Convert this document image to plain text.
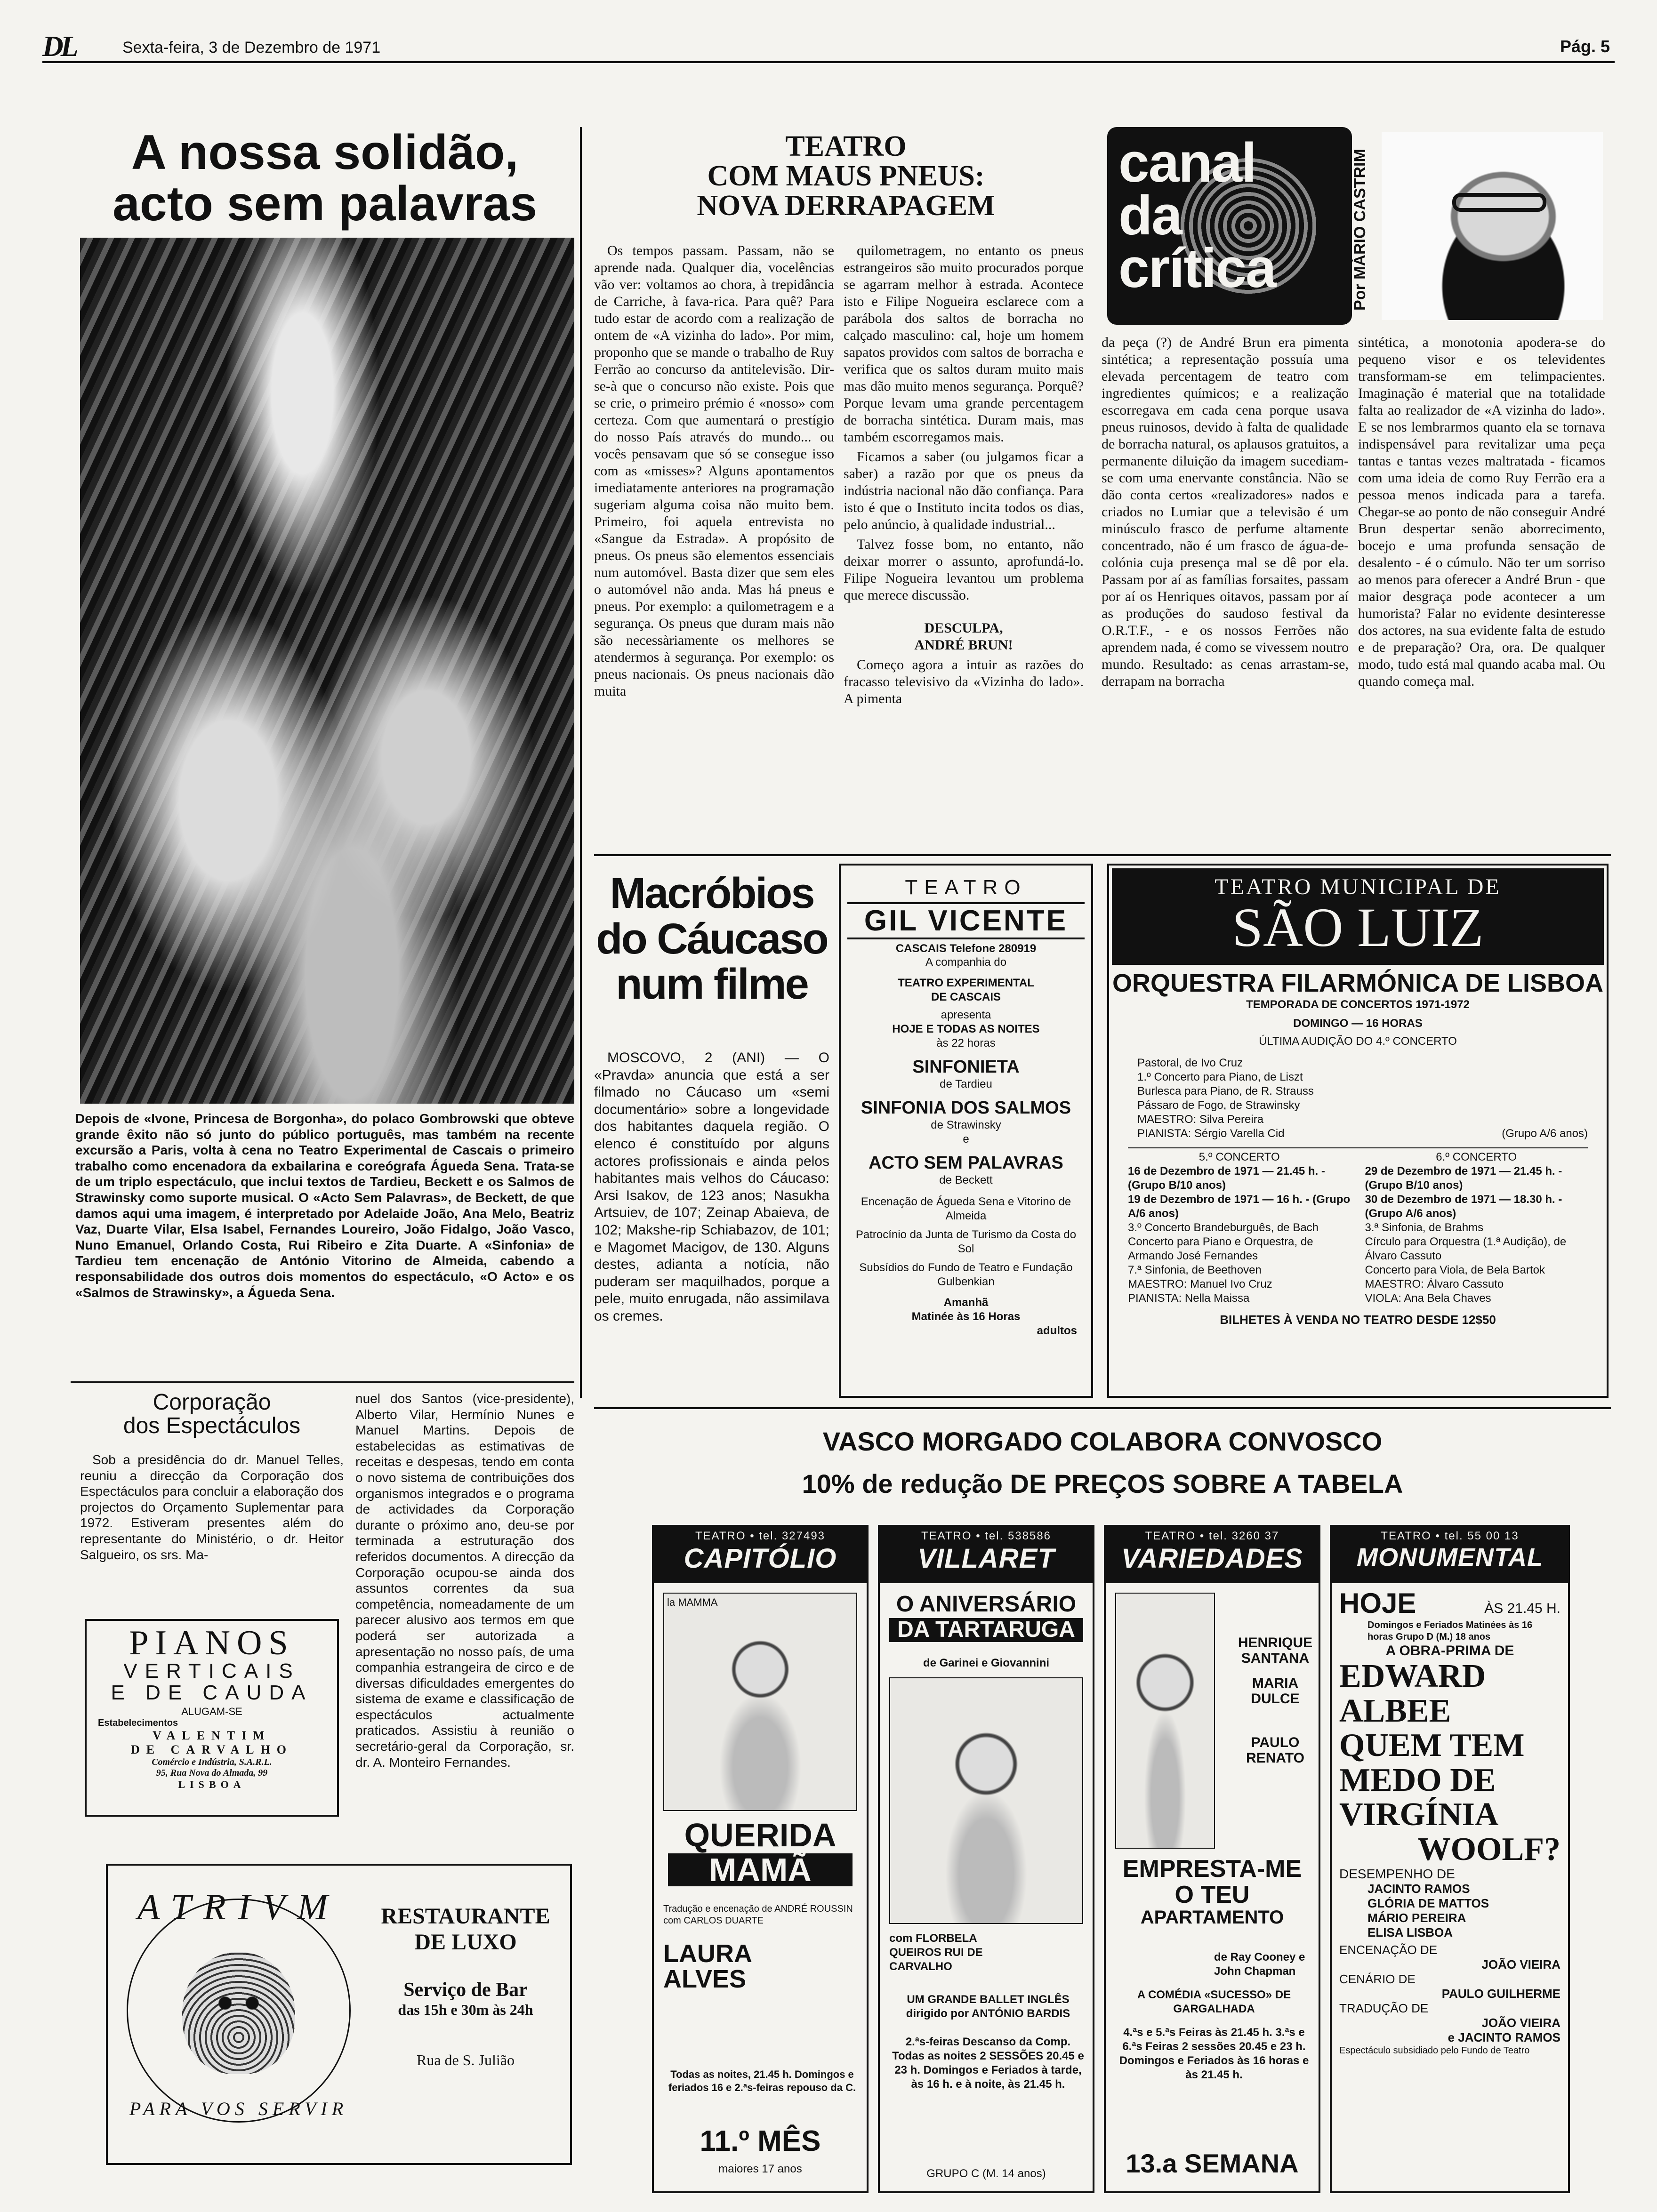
DL	Sexta-feira, 3 de Dezembro de 1971	Pág. 5
A nossa solidão,
acto sem palavras
Depois de «Ivone, Princesa de Borgonha», do polaco Gombrowski que obteve grande êxito não só junto do público português, mas também na recente excursão a Paris, volta à cena no Teatro Experimental de Cascais o primeiro trabalho como encenadora da exbailarina e coreógrafa Águeda Sena. Trata-se de um triplo espectáculo, que inclui textos de Tardieu, Beckett e os Salmos de Strawinsky como suporte musical. O «Acto Sem Palavras», de Beckett, de que damos aqui uma imagem, é interpretado por Adelaide João, Ana Melo, Beatriz Vaz, Duarte Vilar, Elsa Isabel, Fernandes Loureiro, João Fidalgo, João Vasco, Nuno Emanuel, Orlando Costa, Rui Ribeiro e Zita Duarte. A «Sinfonia» de Tardieu tem encenação de António Vitorino de Almeida, cabendo a responsabilidade dos outros dois momentos do espectáculo, «O Acto» e os «Salmos de Strawinsky», a Águeda Sena.
TEATRO
COM MAUS PNEUS:
NOVA DERRAPAGEM

Os tempos passam. Passam, não se aprende nada. Qualquer dia, vocelências vão ver: voltamos ao chora, à trepidância de Carriche, à fava-rica. Para quê? Para tudo estar de acordo com a realização de ontem de «A vizinha do lado». Por mim, proponho que se mande o trabalho de Ruy Ferrão ao concurso da antitelevisão. Dir-se-à que o concurso não existe. Pois que se crie, o primeiro prémio é «nosso» com certeza. Com que aumentará o prestígio do nosso País através do mundo... ou vocês pensavam que só se consegue isso com as «misses»? Alguns apontamentos imediatamente anteriores na programação sugeriam alguma coisa não muito bem. Primeiro, foi aquela entrevista no «Sangue da Estrada». A propósito de pneus. Os pneus são elementos essenciais num automóvel. Basta dizer que sem eles o automóvel não anda. Mas há pneus e pneus. Por exemplo: a quilometragem e a segurança. Os pneus que duram mais não são necessàriamente os melhores se atendermos à segurança. Por exemplo: os pneus nacionais. Os pneus nacionais dão muita

quilometragem, no entanto os pneus estrangeiros são muito procurados porque se agarram melhor à estrada. Acontece isto e Filipe Nogueira esclarece com a parábola dos saltos de borracha no calçado masculino: cal, hoje um homem sapatos providos com saltos de borracha e verifica que os saltos duram muito mais mas dão muito menos segurança. Porquê? Porque levam uma grande percentagem de borracha sintética. Duram mais, mas também escorregamos mais.

Ficamos a saber (ou julgamos ficar a saber) a razão por que os pneus da indústria nacional não dão confiança. Para isto é que o Instituto incita todos os dias, pelo anúncio, à qualidade industrial...

Talvez fosse bom, no entanto, não deixar morrer o assunto, aprofundá-lo. Filipe Nogueira levantou um problema que merece discussão.

DESCULPA,
ANDRÉ BRUN!

Começo agora a intuir as razões do fracasso televisivo da «Vizinha do lado». A pimenta

canal
da
crítica	Por MÁRIO CASTRIM

da peça (?) de André Brun era pimenta sintética; a representação possuía uma elevada percentagem de teatro com ingredientes químicos; e a realização escorregava em cada cena porque usava pneus ruinosos, devido à falta de qualidade de borracha natural, os aplausos gratuitos, a permanente diluição da imagem sucediam-se com uma enervante constância. Não se dão conta certos «realizadores» nados e criados no Lumiar que a televisão é um minúsculo frasco de perfume altamente concentrado, não é um frasco de água-de-colónia cuja presença mal se dê por ela. Passam por aí as famílias forsaites, passam por aí os Henriques oitavos, passam por aí as produções do saudoso festival da O.R.T.F., - e os nossos Ferrões não aprendem nada, é como se vivessem noutro mundo. Resultado: as cenas arrastam-se, derrapam na borracha

sintética, a monotonia apodera-se do pequeno visor e os televidentes transformam-se em telimpacientes. Imaginação é material que na totalidade falta ao realizador de «A vizinha do lado». E se nos lembrarmos quanto ela se tornava indispensável para revitalizar uma peça tantas e tantas vezes maltratada - ficamos com uma ideia de como Ruy Ferrão era a pessoa menos indicada para a tarefa. Chegar-se ao ponto de não conseguir André Brun despertar senão aborrecimento, bocejo e uma profunda sensação de desalento - é o cúmulo. Não ter um sorriso ao menos para oferecer a André Brun - que maior desgraça pode acontecer a um humorista? Falar no evidente desinteresse dos actores, na sua evidente falta de estudo e de preparação? Ora, ora. De qualquer modo, tudo está mal quando acaba mal. Ou quando começa mal.

Macróbios
do Cáucaso
num filme

MOSCOVO, 2 (ANI) — O «Pravda» anuncia que está a ser filmado no Cáucaso um «semi documentário» sobre a longevidade dos habitantes daquela região. O elenco é constituído por alguns actores profissionais e ainda pelos habitantes mais velhos do Cáucaso: Arsi Isakov, de 123 anos; Nasukha Artsuiev, de 107; Zeinap Abaieva, de 102; Makshe-rip Schiabazov, de 101; e Magomet Macigov, de 130. Alguns destes, adianta a notícia, não puderam ser maquilhados, porque a pele, muito enrugada, não assimilava os cremes.

TEATRO
GIL VICENTE
CASCAIS Telefone 280919
A companhia do
TEATRO EXPERIMENTAL
DE CASCAIS
apresenta
HOJE E TODAS AS NOITES
às 22 horas
SINFONIETA
de Tardieu
SINFONIA DOS SALMOS
de Strawinsky
e
ACTO SEM PALAVRAS
de Beckett
Encenação de Águeda Sena e Vitorino de Almeida
Patrocínio da Junta de Turismo da Costa do Sol
Subsídios do Fundo de Teatro e Fundação Gulbenkian
Amanhã
Matinée às 16 Horas
adultos
TEATRO MUNICIPAL DE
SÃO LUIZ
ORQUESTRA FILARMÓNICA DE LISBOA
TEMPORADA DE CONCERTOS 1971-1972
DOMINGO — 16 HORAS
ÚLTIMA AUDIÇÃO DO 4.º CONCERTO
Pastoral, de Ivo Cruz
1.º Concerto para Piano, de Liszt
Burlesca para Piano, de R. Strauss
Pássaro de Fogo, de Strawinsky
MAESTRO: Silva Pereira
PIANISTA: Sérgio Varella Cid	(Grupo A/6 anos)
5.º CONCERTO
16 de Dezembro de 1971 — 21.45 h. - (Grupo B/10 anos)
19 de Dezembro de 1971 — 16 h. - (Grupo A/6 anos)
3.º Concerto Brandeburguês, de Bach
Concerto para Piano e Orquestra, de Armando José Fernandes
7.ª Sinfonia, de Beethoven
MAESTRO: Manuel Ivo Cruz
PIANISTA: Nella Maissa
6.º CONCERTO
29 de Dezembro de 1971 — 21.45 h. - (Grupo B/10 anos)
30 de Dezembro de 1971 — 18.30 h. - (Grupo A/6 anos)
3.ª Sinfonia, de Brahms
Círculo para Orquestra (1.ª Audição), de Álvaro Cassuto
Concerto para Viola, de Bela Bartok
MAESTRO: Álvaro Cassuto
VIOLA: Ana Bela Chaves
BILHETES À VENDA NO TEATRO DESDE 12$50
Corporação
dos Espectáculos

Sob a presidência do dr. Manuel Telles, reuniu a direcção da Corporação dos Espectáculos para concluir a elaboração dos projectos do Orçamento Suplementar para 1972. Estiveram presentes além do representante do Ministério, o dr. Heitor Salgueiro, os srs. Ma-

nuel dos Santos (vice-presidente), Alberto Vilar, Hermínio Nunes e Manuel Martins. Depois de estabelecidas as estimativas de receitas e despesas, tendo em conta o novo sistema de contribuições dos organismos integrados e o programa de actividades da Corporação durante o próximo ano, deu-se por terminada a estruturação dos referidos documentos. A direcção da Corporação ocupou-se ainda dos assuntos correntes da sua competência, nomeadamente de um parecer alusivo aos termos em que poderá ser autorizada a apresentação no nosso país, de uma companhia estrangeira de circo e de diversas dificuldades emergentes do sistema de exame e classificação de espectáculos actualmente praticados. Assistiu à reunião o secretário-geral da Corporação, sr. dr. A. Monteiro Fernandes.

PIANOS
VERTICAIS
E DE CAUDA
ALUGAM-SE
Estabelecimentos
VALENTIM
DE CARVALHO
Comércio e Indústria, S.A.R.L.
95, Rua Nova do Almada, 99
LISBOA
ATRIVM
PARA VOS SERVIR
RESTAURANTE
DE LUXO
Serviço de Bar
das 15h e 30m às 24h
Rua de S. Julião
VASCO MORGADO COLABORA CONVOSCO
10% de redução DE PREÇOS SOBRE A TABELA
TEATRO • tel. 327493
CAPITÓLIO
la MAMMA
QUERIDA
MAMÃ
Tradução e encenação de ANDRÉ ROUSSIN com CARLOS DUARTE
LAURA ALVES
Todas as noites, 21.45 h. Domingos e feriados 16 e 2.ªs-feiras repouso da C.
11.º MÊS
maiores 17 anos
TEATRO • tel. 538586
VILLARET
O ANIVERSÁRIO
DA TARTARUGA
de Garinei e Giovannini
com FLORBELA QUEIROS RUI DE CARVALHO
UM GRANDE BALLET INGLÊS dirigido por ANTÓNIO BARDIS
2.ªs-feiras Descanso da Comp. Todas as noites 2 SESSÕES 20.45 e 23 h. Domingos e Feriados à tarde, às 16 h. e à noite, às 21.45 h.
GRUPO C (M. 14 anos)
TEATRO • tel. 3260 37
VARIEDADES
HENRIQUE SANTANA
MARIA DULCE
PAULO RENATO
EMPRESTA-ME
O TEU
APARTAMENTO
de Ray Cooney e John Chapman
A COMÉDIA «SUCESSO» DE GARGALHADA
4.ªs e 5.ªs Feiras às 21.45 h. 3.ªs e 6.ªs Feiras 2 sessões 20.45 e 23 h. Domingos e Feriados às 16 horas e às 21.45 h.
13.a SEMANA
TEATRO • tel. 55 00 13
MONUMENTAL
HOJE	ÀS 21.45 H.
Domingos e Feriados Matinées às 16 horas Grupo D (M.) 18 anos
A OBRA-PRIMA DE
EDWARD
ALBEE
QUEM TEM
MEDO DE
VIRGÍNIA
WOOLF?
DESEMPENHO DE
JACINTO RAMOS
GLÓRIA DE MATTOS
MÁRIO PEREIRA
ELISA LISBOA
ENCENAÇÃO DE
JOÃO VIEIRA
CENÁRIO DE
PAULO GUILHERME
TRADUÇÃO DE
JOÃO VIEIRA
e JACINTO RAMOS
Espectáculo subsidiado pelo Fundo de Teatro
